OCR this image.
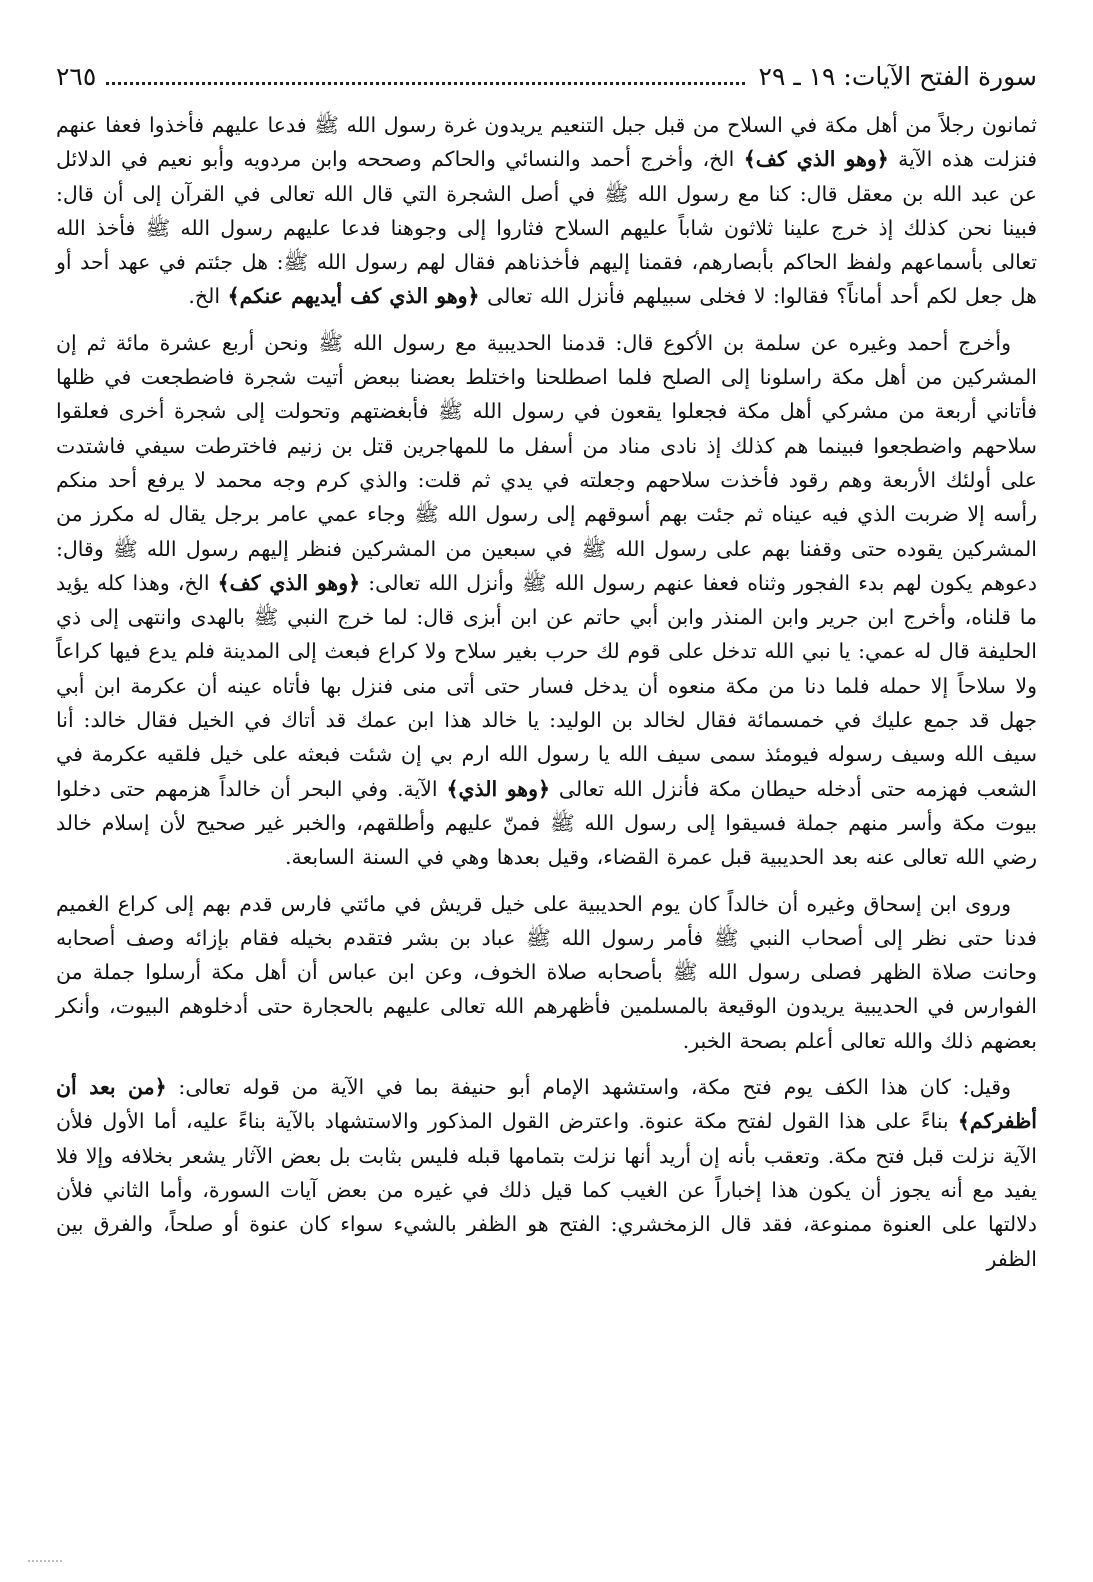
سورة الفتح الآيات: ١٩ ـ ٢٩
٢٦٥

ثمانون رجلاً من أهل مكة في السلاح من قبل جبل التنعيم يريدون غرة رسول الله ﷺ فدعا عليهم فأخذوا فعفا عنهم فنزلت هذه الآية ﴿وهو الذي كف﴾ الخ، وأخرج أحمد والنسائي والحاكم وصححه وابن مردويه وأبو نعيم في الدلائل عن عبد الله بن معقل قال: كنا مع رسول الله ﷺ في أصل الشجرة التي قال الله تعالى في القرآن إلى أن قال: فبينا نحن كذلك إذ خرج علينا ثلاثون شاباً عليهم السلاح فثاروا إلى وجوهنا فدعا عليهم رسول الله ﷺ فأخذ الله تعالى بأسماعهم ولفظ الحاكم بأبصارهم، فقمنا إليهم فأخذناهم فقال لهم رسول الله ﷺ: هل جئتم في عهد أحد أو هل جعل لكم أحد أماناً؟ فقالوا: لا فخلى سبيلهم فأنزل الله تعالى ﴿وهو الذي كف أيديهم عنكم﴾ الخ.

وأخرج أحمد وغيره عن سلمة بن الأكوع قال: قدمنا الحديبية مع رسول الله ﷺ ونحن أربع عشرة مائة ثم إن المشركين من أهل مكة راسلونا إلى الصلح فلما اصطلحنا واختلط بعضنا ببعض أتيت شجرة فاضطجعت في ظلها فأتاني أربعة من مشركي أهل مكة فجعلوا يقعون في رسول الله ﷺ فأبغضتهم وتحولت إلى شجرة أخرى فعلقوا سلاحهم واضطجعوا فبينما هم كذلك إذ نادى مناد من أسفل ما للمهاجرين قتل بن زنيم فاخترطت سيفي فاشتدت على أولئك الأربعة وهم رقود فأخذت سلاحهم وجعلته في يدي ثم قلت: والذي كرم وجه محمد لا يرفع أحد منكم رأسه إلا ضربت الذي فيه عيناه ثم جئت بهم أسوقهم إلى رسول الله ﷺ وجاء عمي عامر برجل يقال له مكرز من المشركين يقوده حتى وقفنا بهم على رسول الله ﷺ في سبعين من المشركين فنظر إليهم رسول الله ﷺ وقال: دعوهم يكون لهم بدء الفجور وثناه فعفا عنهم رسول الله ﷺ وأنزل الله تعالى: ﴿وهو الذي كف﴾ الخ، وهذا كله يؤيد ما قلناه، وأخرج ابن جرير وابن المنذر وابن أبي حاتم عن ابن أبزى قال: لما خرج النبي ﷺ بالهدى وانتهى إلى ذي الحليفة قال له عمي: يا نبي الله تدخل على قوم لك حرب بغير سلاح ولا كراع فبعث إلى المدينة فلم يدع فيها كراعاً ولا سلاحاً إلا حمله فلما دنا من مكة منعوه أن يدخل فسار حتى أتى منى فنزل بها فأتاه عينه أن عكرمة ابن أبي جهل قد جمع عليك في خمسمائة فقال لخالد بن الوليد: يا خالد هذا ابن عمك قد أتاك في الخيل فقال خالد: أنا سيف الله وسيف رسوله فيومئذ سمى سيف الله يا رسول الله ارم بي إن شئت فبعثه على خيل فلقيه عكرمة في الشعب فهزمه حتى أدخله حيطان مكة فأنزل الله تعالى ﴿وهو الذي﴾ الآية. وفي البحر أن خالداً هزمهم حتى دخلوا بيوت مكة وأسر منهم جملة فسيقوا إلى رسول الله ﷺ فمنّ عليهم وأطلقهم، والخبر غير صحيح لأن إسلام خالد رضي الله تعالى عنه بعد الحديبية قبل عمرة القضاء، وقيل بعدها وهي في السنة السابعة.

وروى ابن إسحاق وغيره أن خالداً كان يوم الحديبية على خيل قريش في مائتي فارس قدم بهم إلى كراع الغميم فدنا حتى نظر إلى أصحاب النبي ﷺ فأمر رسول الله ﷺ عباد بن بشر فتقدم بخيله فقام بإزائه وصف أصحابه وحانت صلاة الظهر فصلى رسول الله ﷺ بأصحابه صلاة الخوف، وعن ابن عباس أن أهل مكة أرسلوا جملة من الفوارس في الحديبية يريدون الوقيعة بالمسلمين فأظهرهم الله تعالى عليهم بالحجارة حتى أدخلوهم البيوت، وأنكر بعضهم ذلك والله تعالى أعلم بصحة الخبر.

وقيل: كان هذا الكف يوم فتح مكة، واستشهد الإمام أبو حنيفة بما في الآية من قوله تعالى: ﴿من بعد أن أظفركم﴾ بناءً على هذا القول لفتح مكة عنوة. واعترض القول المذكور والاستشهاد بالآية بناءً عليه، أما الأول فلأن الآية نزلت قبل فتح مكة. وتعقب بأنه إن أريد أنها نزلت بتمامها قبله فليس بثابت بل بعض الآثار يشعر بخلافه وإلا فلا يفيد مع أنه يجوز أن يكون هذا إخباراً عن الغيب كما قيل ذلك في غيره من بعض آيات السورة، وأما الثاني فلأن دلالتها على العنوة ممنوعة، فقد قال الزمخشري: الفتح هو الظفر بالشيء سواء كان عنوة أو صلحاً، والفرق بين الظفر
